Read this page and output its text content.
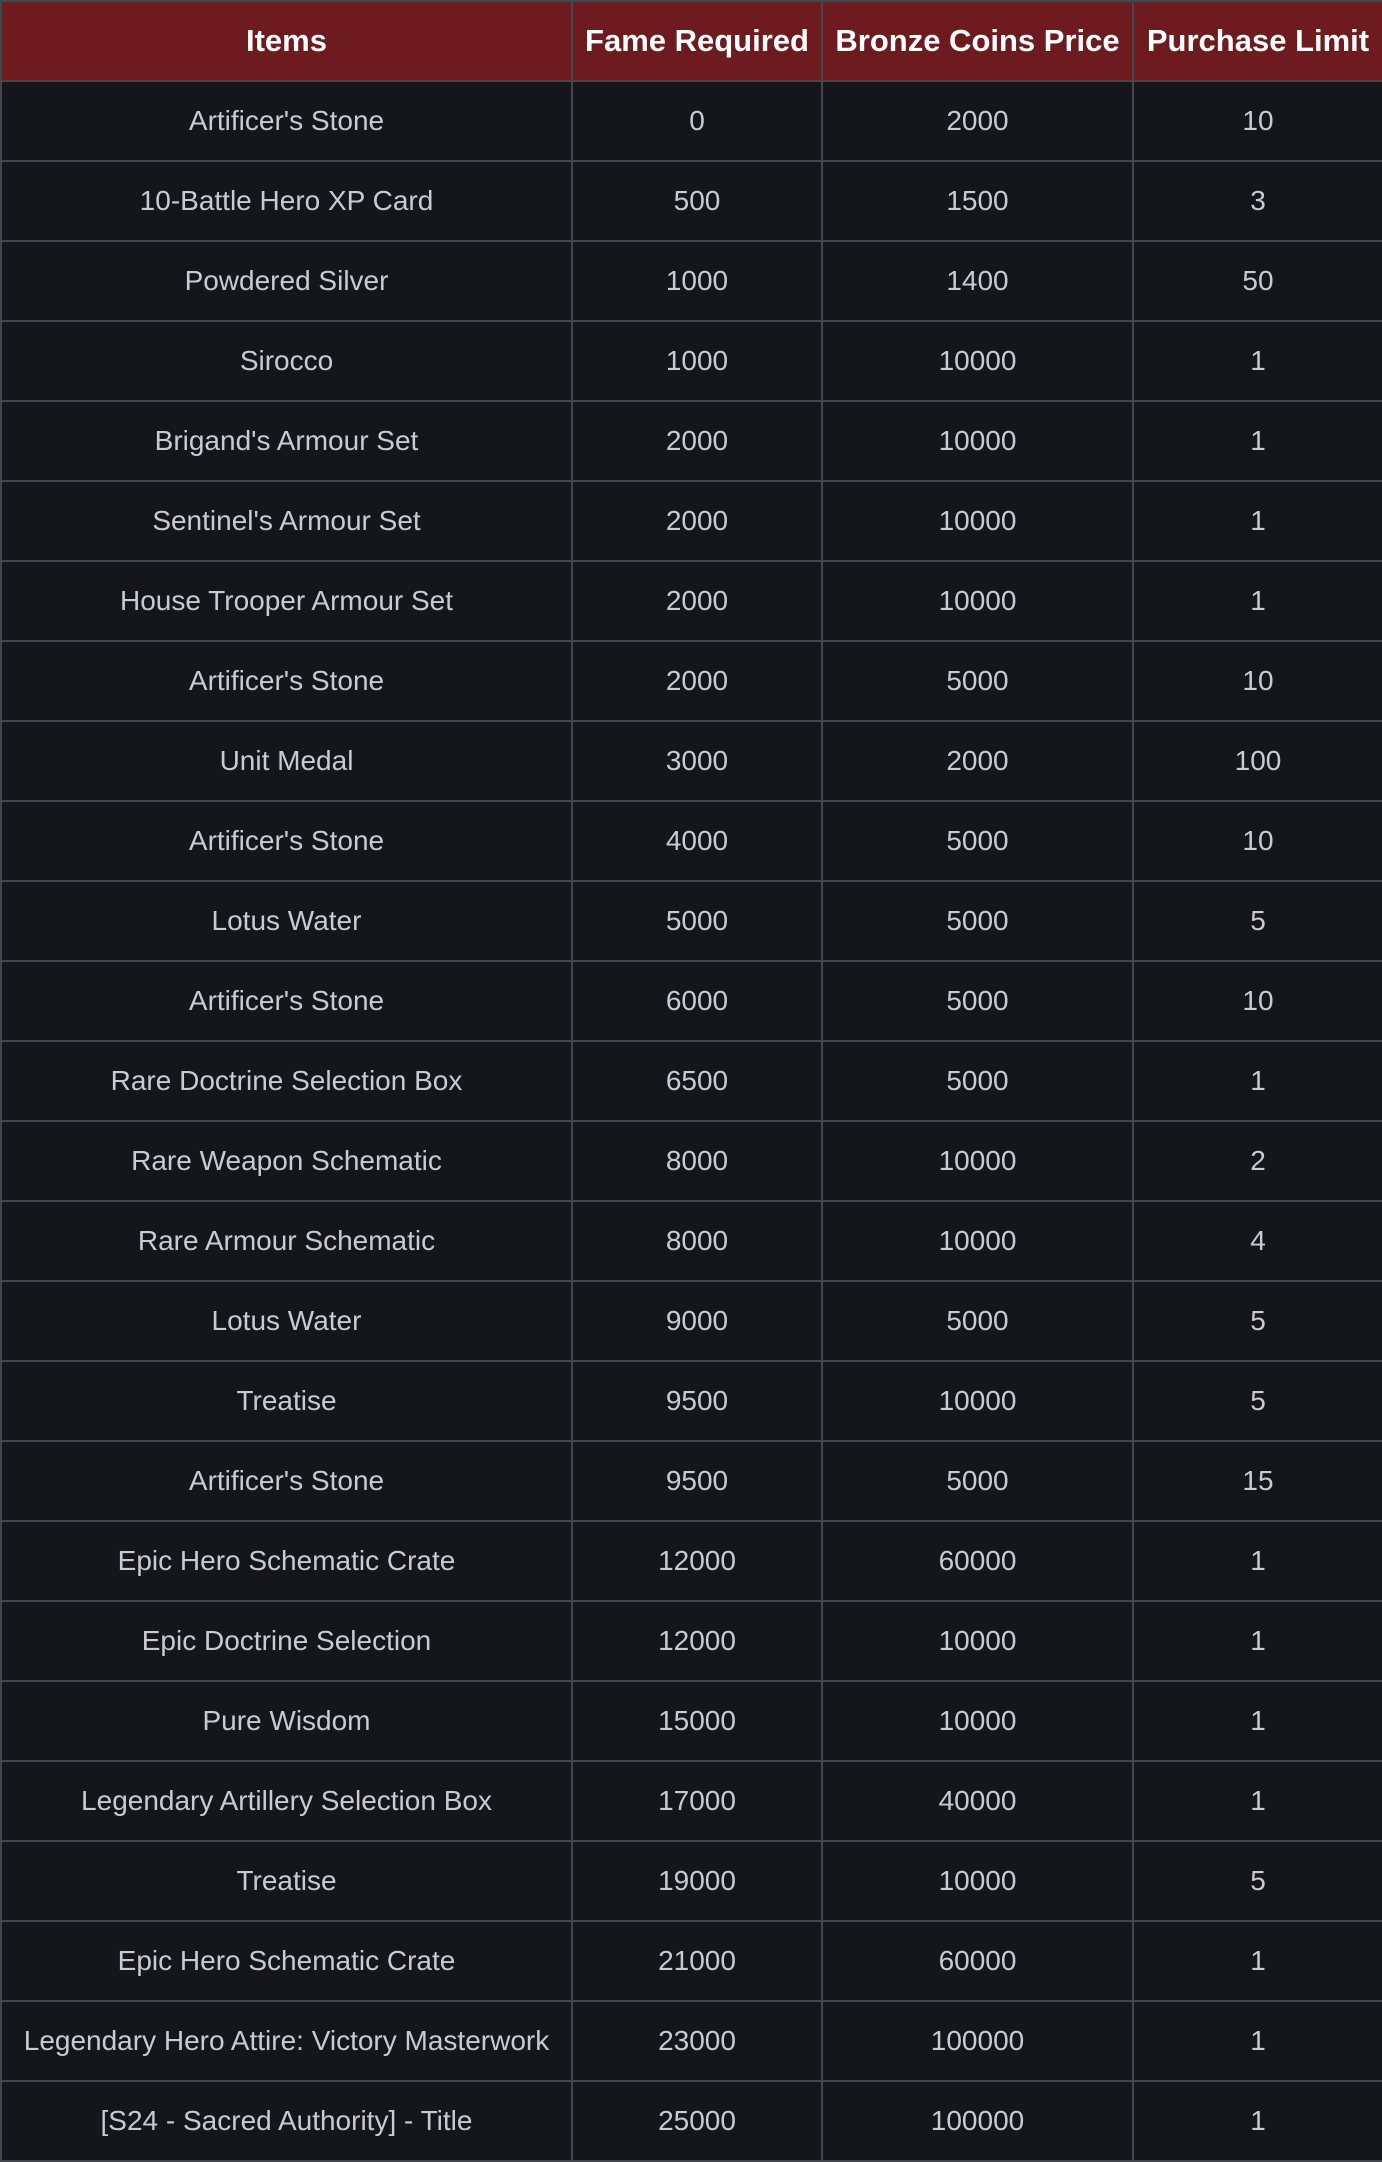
Items	Fame Required	Bronze Coins Price	Purchase Limit
Artificer's Stone	0	2000	10
10-Battle Hero XP Card	500	1500	3
Powdered Silver	1000	1400	50
Sirocco	1000	10000	1
Brigand's Armour Set	2000	10000	1
Sentinel's Armour Set	2000	10000	1
House Trooper Armour Set	2000	10000	1
Artificer's Stone	2000	5000	10
Unit Medal	3000	2000	100
Artificer's Stone	4000	5000	10
Lotus Water	5000	5000	5
Artificer's Stone	6000	5000	10
Rare Doctrine Selection Box	6500	5000	1
Rare Weapon Schematic	8000	10000	2
Rare Armour Schematic	8000	10000	4
Lotus Water	9000	5000	5
Treatise	9500	10000	5
Artificer's Stone	9500	5000	15
Epic Hero Schematic Crate	12000	60000	1
Epic Doctrine Selection	12000	10000	1
Pure Wisdom	15000	10000	1
Legendary Artillery Selection Box	17000	40000	1
Treatise	19000	10000	5
Epic Hero Schematic Crate	21000	60000	1
Legendary Hero Attire: Victory Masterwork	23000	100000	1
[S24 - Sacred Authority] - Title	25000	100000	1
